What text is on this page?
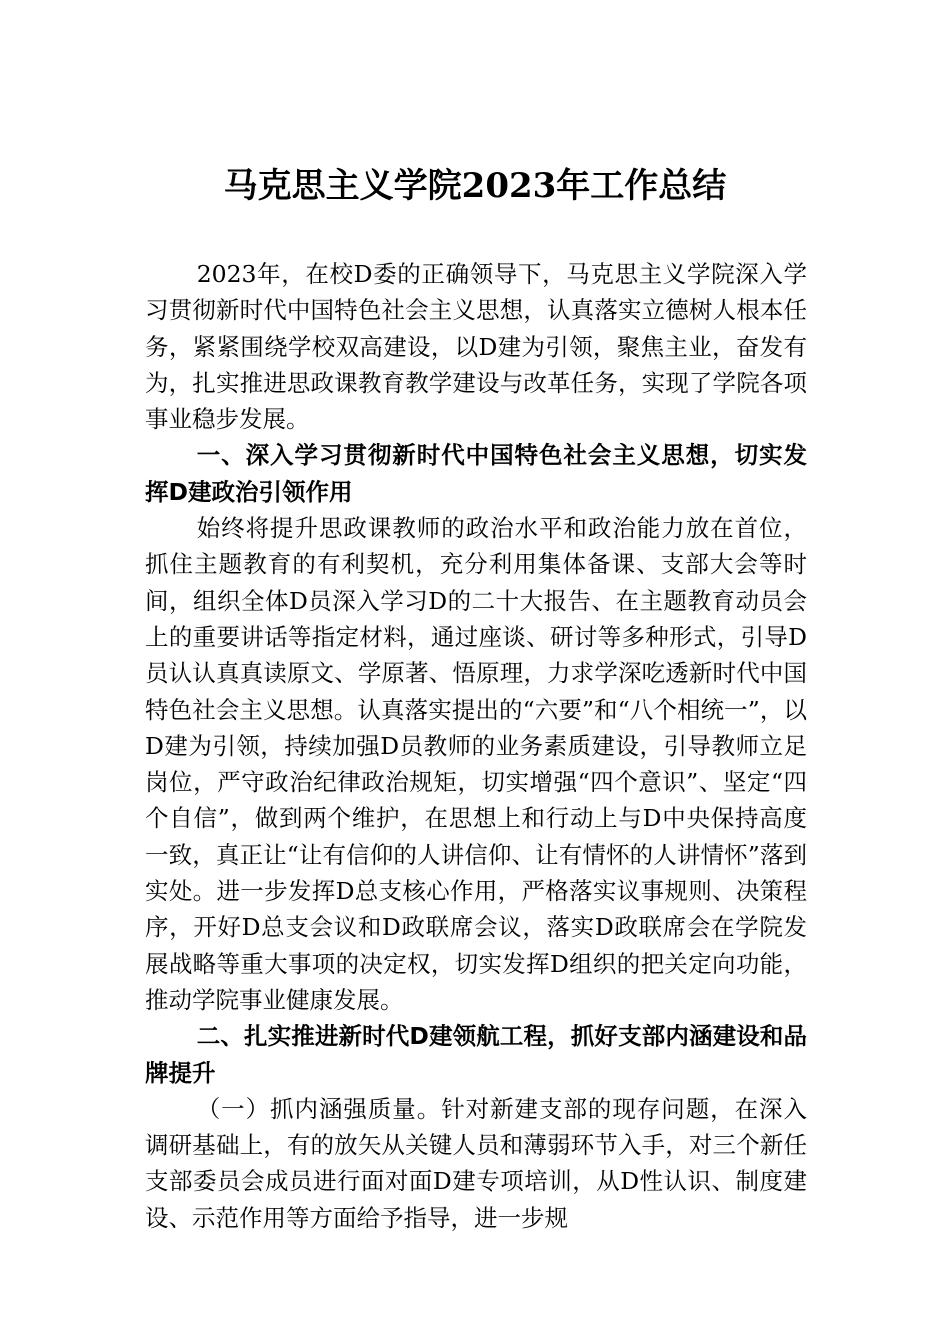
马克思主义学院2023年工作总结

2023年，在校D委的正确领导下，马克思主义学院深入学习贯彻新时代中国特色社会主义思想，认真落实立德树人根本任务，紧紧围绕学校双高建设，以D建为引领，聚焦主业，奋发有为，扎实推进思政课教育教学建设与改革任务，实现了学院各项事业稳步发展。

一、深入学习贯彻新时代中国特色社会主义思想，切实发挥D建政治引领作用

始终将提升思政课教师的政治水平和政治能力放在首位，抓住主题教育的有利契机，充分利用集体备课、支部大会等时间，组织全体D员深入学习D的二十大报告、在主题教育动员会上的重要讲话等指定材料，通过座谈、研讨等多种形式，引导D员认认真真读原文、学原著、悟原理，力求学深吃透新时代中国特色社会主义思想。认真落实提出的“六要”和“八个相统一”，以D建为引领，持续加强D员教师的业务素质建设，引导教师立足岗位，严守政治纪律政治规矩，切实增强“四个意识”、坚定“四个自信”，做到两个维护，在思想上和行动上与D中央保持高度一致，真正让“让有信仰的人讲信仰、让有情怀的人讲情怀”落到实处。进一步发挥D总支核心作用，严格落实议事规则、决策程序，开好D总支会议和D政联席会议，落实D政联席会在学院发展战略等重大事项的决定权，切实发挥D组织的把关定向功能，推动学院事业健康发展。

二、扎实推进新时代D建领航工程，抓好支部内涵建设和品牌提升

（一）抓内涵强质量。针对新建支部的现存问题，在深入调研基础上，有的放矢从关键人员和薄弱环节入手，对三个新任支部委员会成员进行面对面D建专项培训，从D性认识、制度建设、示范作用等方面给予指导，进一步规
